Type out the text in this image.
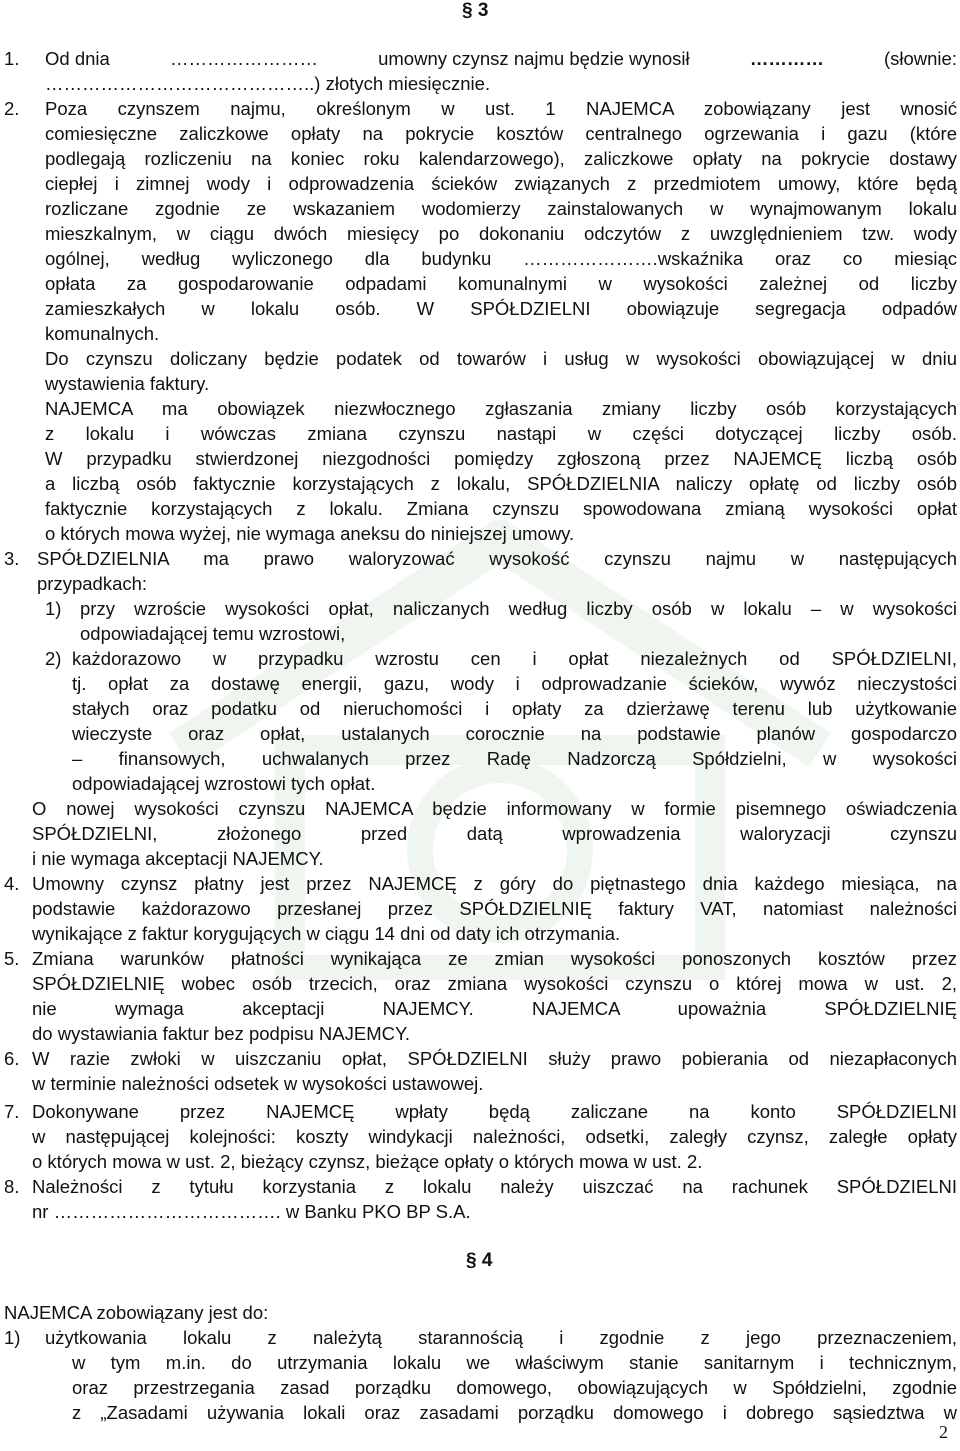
§ 3
1. Od dnia	……………………	umowny czynsz najmu będzie wynosił	…………	(słownie:
……………………………………..) złotych miesięcznie.
2. Poza czynszem najmu, określonym w ust. 1 NAJEMCA zobowiązany jest wnosić
comiesięczne zaliczkowe opłaty na pokrycie kosztów centralnego ogrzewania i gazu (które
podlegają rozliczeniu na koniec roku kalendarzowego), zaliczkowe opłaty na pokrycie dostawy
ciepłej i zimnej wody i odprowadzenia ścieków związanych z przedmiotem umowy, które będą
rozliczane zgodnie ze wskazaniem wodomierzy zainstalowanych w wynajmowanym lokalu
mieszkalnym, w ciągu dwóch miesięcy po dokonaniu odczytów z uwzględnieniem tzw. wody
ogólnej, według wyliczonego dla budynku ………………….wskaźnika oraz co miesiąc
opłata za gospodarowanie odpadami komunalnymi w wysokości zależnej od liczby
zamieszkałych w lokalu osób. W SPÓŁDZIELNI obowiązuje segregacja odpadów
komunalnych.
Do czynszu doliczany będzie podatek od towarów i usług w wysokości obowiązującej w dniu
wystawienia faktury.
NAJEMCA ma obowiązek niezwłocznego zgłaszania zmiany liczby osób korzystających
z lokalu i wówczas zmiana czynszu nastąpi w części dotyczącej liczby osób.
W przypadku stwierdzonej niezgodności pomiędzy zgłoszoną przez NAJEMCĘ liczbą osób
a liczbą osób faktycznie korzystających z lokalu, SPÓŁDZIELNIA naliczy opłatę od liczby osób
faktycznie korzystających z lokalu. Zmiana czynszu spowodowana zmianą wysokości opłat
o których mowa wyżej, nie wymaga aneksu do niniejszej umowy.
3. SPÓŁDZIELNIA ma prawo waloryzować wysokość czynszu najmu w następujących
przypadkach:
1) przy wzroście wysokości opłat, naliczanych według liczby osób w lokalu – w wysokości
odpowiadającej temu wzrostowi,
2) każdorazowo w przypadku wzrostu cen i opłat niezależnych od SPÓŁDZIELNI,
tj. opłat za dostawę energii, gazu, wody i odprowadzanie ścieków, wywóz nieczystości
stałych oraz podatku od nieruchomości i opłaty za dzierżawę terenu lub użytkowanie
wieczyste oraz opłat, ustalanych corocznie na podstawie planów gospodarczo
– finansowych, uchwalanych przez Radę Nadzorczą Spółdzielni, w wysokości
odpowiadającej wzrostowi tych opłat.
O nowej wysokości czynszu NAJEMCA będzie informowany w formie pisemnego oświadczenia
SPÓŁDZIELNI, złożonego przed datą wprowadzenia waloryzacji czynszu
i nie wymaga akceptacji NAJEMCY.
4. Umowny czynsz płatny jest przez NAJEMCĘ z góry do piętnastego dnia każdego miesiąca, na
podstawie każdorazowo przesłanej przez SPÓŁDZIELNIĘ faktury VAT, natomiast należności
wynikające z faktur korygujących w ciągu 14 dni od daty ich otrzymania.
5. Zmiana warunków płatności wynikająca ze zmian wysokości ponoszonych kosztów przez
SPÓŁDZIELNIĘ wobec osób trzecich, oraz zmiana wysokości czynszu o której mowa w ust. 2,
nie wymaga akceptacji NAJEMCY. NAJEMCA upoważnia SPÓŁDZIELNIĘ
do wystawiania faktur bez podpisu NAJEMCY.
6. W razie zwłoki w uiszczaniu opłat, SPÓŁDZIELNI służy prawo pobierania od niezapłaconych
w terminie należności odsetek w wysokości ustawowej.
7. Dokonywane przez NAJEMCĘ wpłaty będą zaliczane na konto SPÓŁDZIELNI
w następującej kolejności: koszty windykacji należności, odsetki, zaległy czynsz, zaległe opłaty
o których mowa w ust. 2, bieżący czynsz, bieżące opłaty o których mowa w ust. 2.
8. Należności z tytułu korzystania z lokalu należy uiszczać na rachunek SPÓŁDZIELNI
nr ………………………………. w Banku PKO BP S.A.
§ 4
NAJEMCA zobowiązany jest do:
1) użytkowania lokalu z należytą starannością i zgodnie z jego przeznaczeniem,
w tym m.in. do utrzymania lokalu we właściwym stanie sanitarnym i technicznym,
oraz przestrzegania zasad porządku domowego, obowiązujących w Spółdzielni, zgodnie
z „Zasadami używania lokali oraz zasadami porządku domowego i dobrego sąsiedztwa w
2
